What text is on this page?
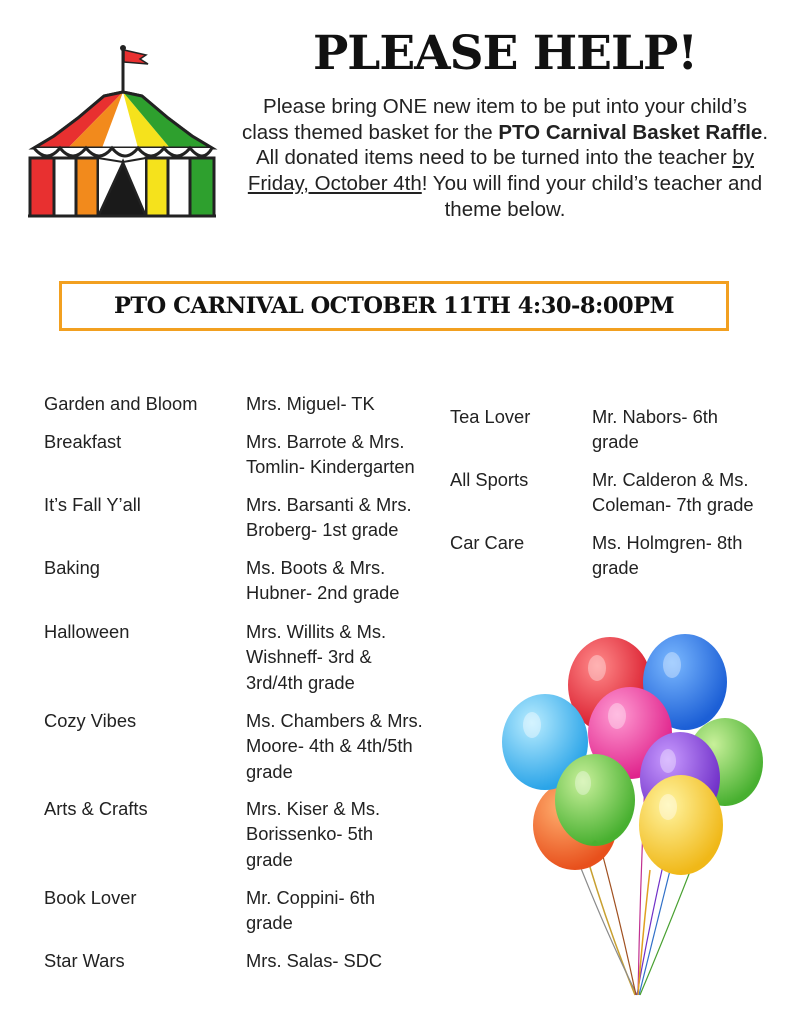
PLEASE HELP!

Please bring ONE new item to be put into your child’s class themed basket for the PTO Carnival Basket Raffle. All donated items need to be turned into the teacher by Friday, October 4th! You will find your child’s teacher and theme below.

PTO CARNIVAL OCTOBER 11TH 4:30-8:00PM
Garden and Bloom	Mrs. Miguel- TK
Breakfast	Mrs. Barrote & Mrs. Tomlin- Kindergarten
It’s Fall Y’all	Mrs. Barsanti & Mrs. Broberg- 1st grade
Baking	Ms. Boots & Mrs. Hubner- 2nd grade
Halloween	Mrs. Willits & Ms. Wishneff- 3rd & 3rd/4th grade
Cozy Vibes	Ms. Chambers & Mrs. Moore- 4th & 4th/5th grade
Arts & Crafts	Mrs. Kiser & Ms. Borissenko- 5th grade
Book Lover	Mr. Coppini- 6th grade
Star Wars	Mrs. Salas- SDC
Tea Lover	Mr. Nabors- 6th grade
All Sports	Mr. Calderon & Ms. Coleman- 7th grade
Car Care	Ms. Holmgren- 8th grade
